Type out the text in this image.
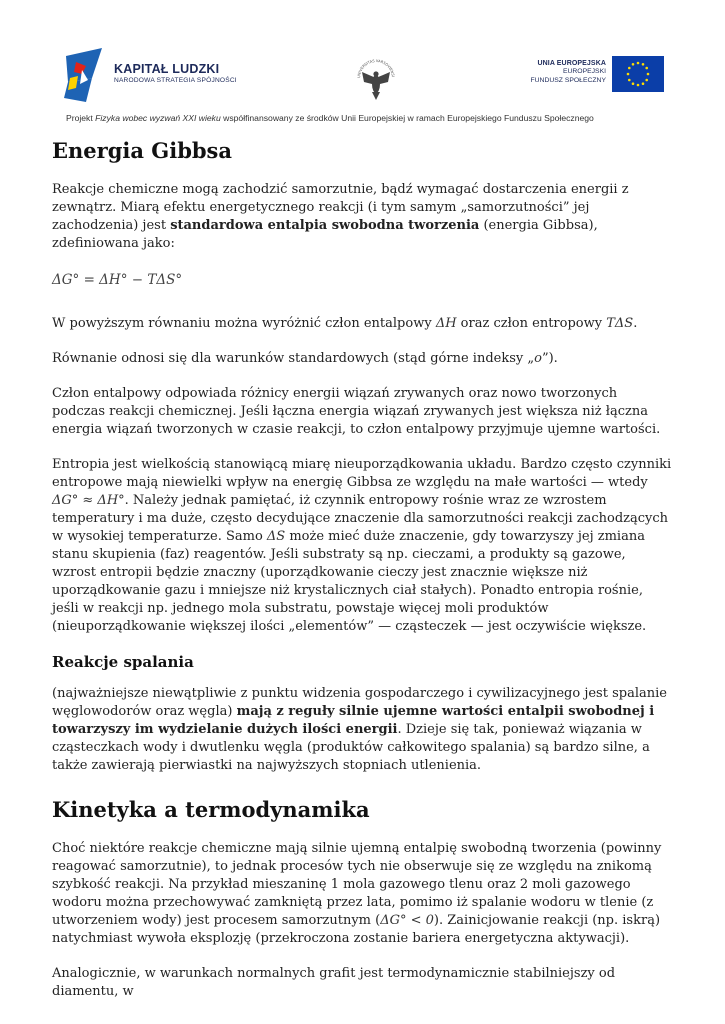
KAPITAŁ LUDZKI
NARODOWA STRATEGIA SPÓJNOŚCI
UNIVERSITAS VARSOVIENSI
UNIA EUROPEJSKA
EUROPEJSKI
FUNDUSZ SPOŁECZNY
Projekt Fizyka wobec wyzwań XXI wieku współfinansowany ze środków Unii Europejskiej w ramach Europejskiego Funduszu Społecznego
Energia Gibbsa

Reakcje chemiczne mogą zachodzić samorzutnie, bądź wymagać dostarczenia energii z zewnątrz. Miarą efektu energetycznego reakcji (i tym samym „samorzutności” jej zachodzenia) jest standardowa entalpia swobodna tworzenia (energia Gibbsa), zdefiniowana jako:

ΔG° = ΔH° − TΔS°

W powyższym równaniu można wyróżnić człon entalpowy ΔH oraz człon entropowy TΔS.

Równanie odnosi się dla warunków standardowych (stąd górne indeksy „o”).

Człon entalpowy odpowiada różnicy energii wiązań zrywanych oraz nowo tworzonych podczas reakcji chemicznej. Jeśli łączna energia wiązań zrywanych jest większa niż łączna energia wiązań tworzonych w czasie reakcji, to człon entalpowy przyjmuje ujemne wartości.

Entropia jest wielkością stanowiącą miarę nieuporządkowania układu. Bardzo często czynniki entropowe mają niewielki wpływ na energię Gibbsa ze względu na małe wartości — wtedy ΔG° ≈ ΔH°. Należy jednak pamiętać, iż czynnik entropowy rośnie wraz ze wzrostem temperatury i ma duże, często decydujące znaczenie dla samorzutności reakcji zachodzących w wysokiej temperaturze. Samo ΔS może mieć duże znaczenie, gdy towarzyszy jej zmiana stanu skupienia (faz) reagentów. Jeśli substraty są np. cieczami, a produkty są gazowe, wzrost entropii będzie znaczny (uporządkowanie cieczy jest znacznie większe niż uporządkowanie gazu i mniejsze niż krystalicznych ciał stałych). Ponadto entropia rośnie, jeśli w reakcji np. jednego mola substratu, powstaje więcej moli produktów (nieuporządkowanie większej ilości „elementów” — cząsteczek — jest oczywiście większe.

Reakcje spalania

(najważniejsze niewątpliwie z punktu widzenia gospodarczego i cywilizacyjnego jest spalanie węglowodorów oraz węgla) mają z reguły silnie ujemne wartości entalpii swobodnej i towarzyszy im wydzielanie dużych ilości energii. Dzieje się tak, ponieważ wiązania w cząsteczkach wody i dwutlenku węgla (produktów całkowitego spalania) są bardzo silne, a także zawierają pierwiastki na najwyższych stopniach utlenienia.

Kinetyka a termodynamika

Choć niektóre reakcje chemiczne mają silnie ujemną entalpię swobodną tworzenia (powinny reagować samorzutnie), to jednak procesów tych nie obserwuje się ze względu na znikomą szybkość reakcji. Na przykład mieszaninę 1 mola gazowego tlenu oraz 2 moli gazowego wodoru można przechowywać zamkniętą przez lata, pomimo iż spalanie wodoru w tlenie (z utworzeniem wody) jest procesem samorzutnym (ΔG° < 0). Zainicjowanie reakcji (np. iskrą) natychmiast wywoła eksplozję (przekroczona zostanie bariera energetyczna aktywacji).

Analogicznie, w warunkach normalnych grafit jest termodynamicznie stabilniejszy od diamentu, w
